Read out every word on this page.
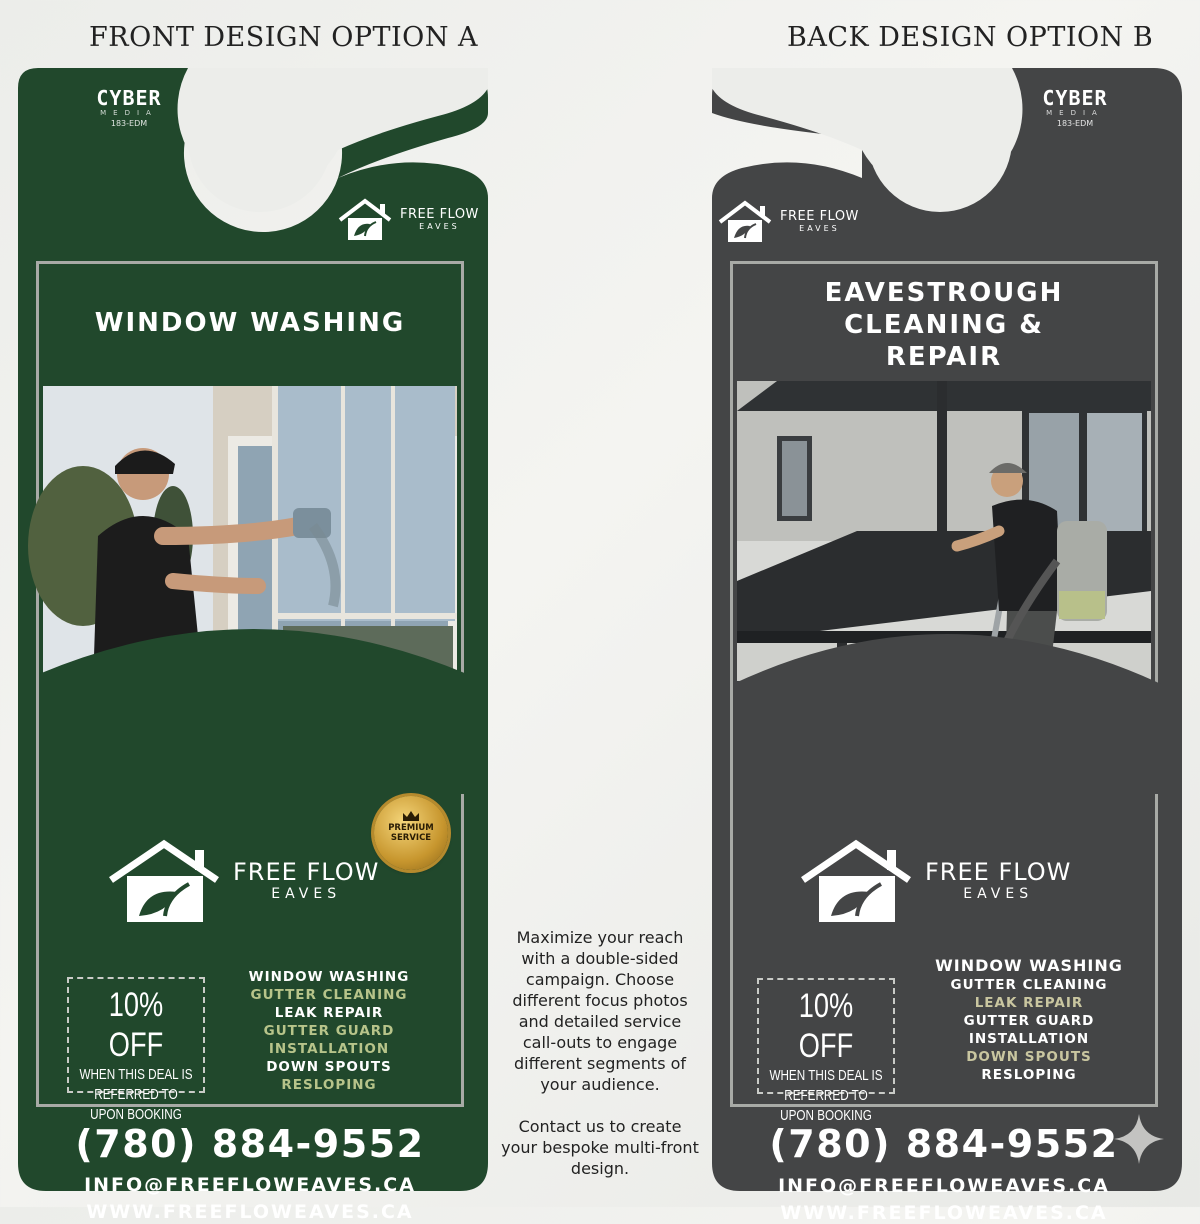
FRONT DESIGN OPTION A	BACK DESIGN OPTION B
CYBER
MEDIA
183-EDM
FREE FLOW
EAVES
WINDOW WASHING
PREMIUM
SERVICE
FREE FLOW
EAVES
10% OFF
WHEN THIS DEAL IS
REFERRED TO
UPON BOOKING
WINDOW WASHING
GUTTER CLEANING
LEAK REPAIR
GUTTER GUARD
INSTALLATION
DOWN SPOUTS
RESLOPING
(780) 884-9552
INFO@FREEFLOWEAVES.CA
WWW.FREEFLOWEAVES.CA
Maximize your reach with a double-sided campaign. Choose different focus photos and detailed service call-outs to engage different segments of your audience.
Contact us to create your bespoke multi-front design.
CYBER
MEDIA
183-EDM
FREE FLOW
EAVES
EAVESTROUGH
CLEANING &
REPAIR
FREE FLOW
EAVES
10% OFF
WHEN THIS DEAL IS
REFERRED TO
UPON BOOKING
WINDOW WASHING
GUTTER CLEANING
LEAK REPAIR
GUTTER GUARD
INSTALLATION
DOWN SPOUTS
RESLOPING
(780) 884-9552
INFO@FREEFLOWEAVES.CA
WWW.FREEFLOWEAVES.CA
